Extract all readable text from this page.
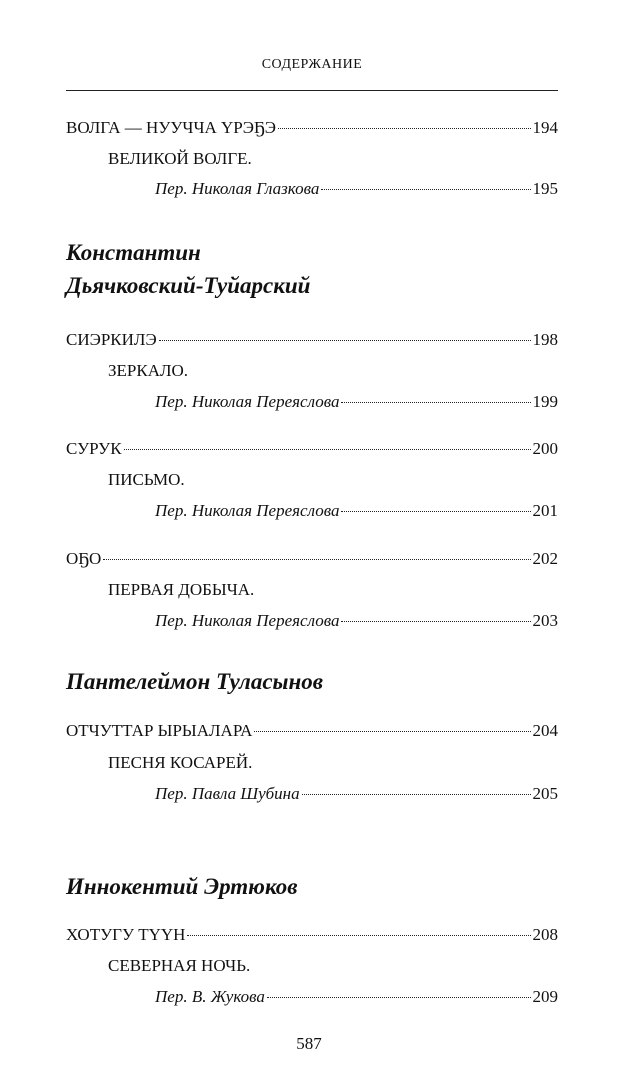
СОДЕРЖАНИЕ
ВОЛГА — НУУЧЧА ҮРЭҔЭ	194
ВЕЛИКОЙ ВОЛГЕ.
Пер. Николая Глазкова	195
Константин
Дьячковский-Туйарский
СИЭРКИЛЭ	198
ЗЕРКАЛО.
Пер. Николая Переяслова	199
СУРУК	200
ПИСЬМО.
Пер. Николая Переяслова	201
ОҔО	202
ПЕРВАЯ ДОБЫЧА.
Пер. Николая Переяслова	203
Пантелеймон Туласынов
ОТЧУТТАР ЫРЫАЛАРА	204
ПЕСНЯ КОСАРЕЙ.
Пер. Павла Шубина	205
Иннокентий Эртюков
ХОТУГУ ТҮҮН	208
СЕВЕРНАЯ НОЧЬ.
Пер. В. Жукова	209
587
